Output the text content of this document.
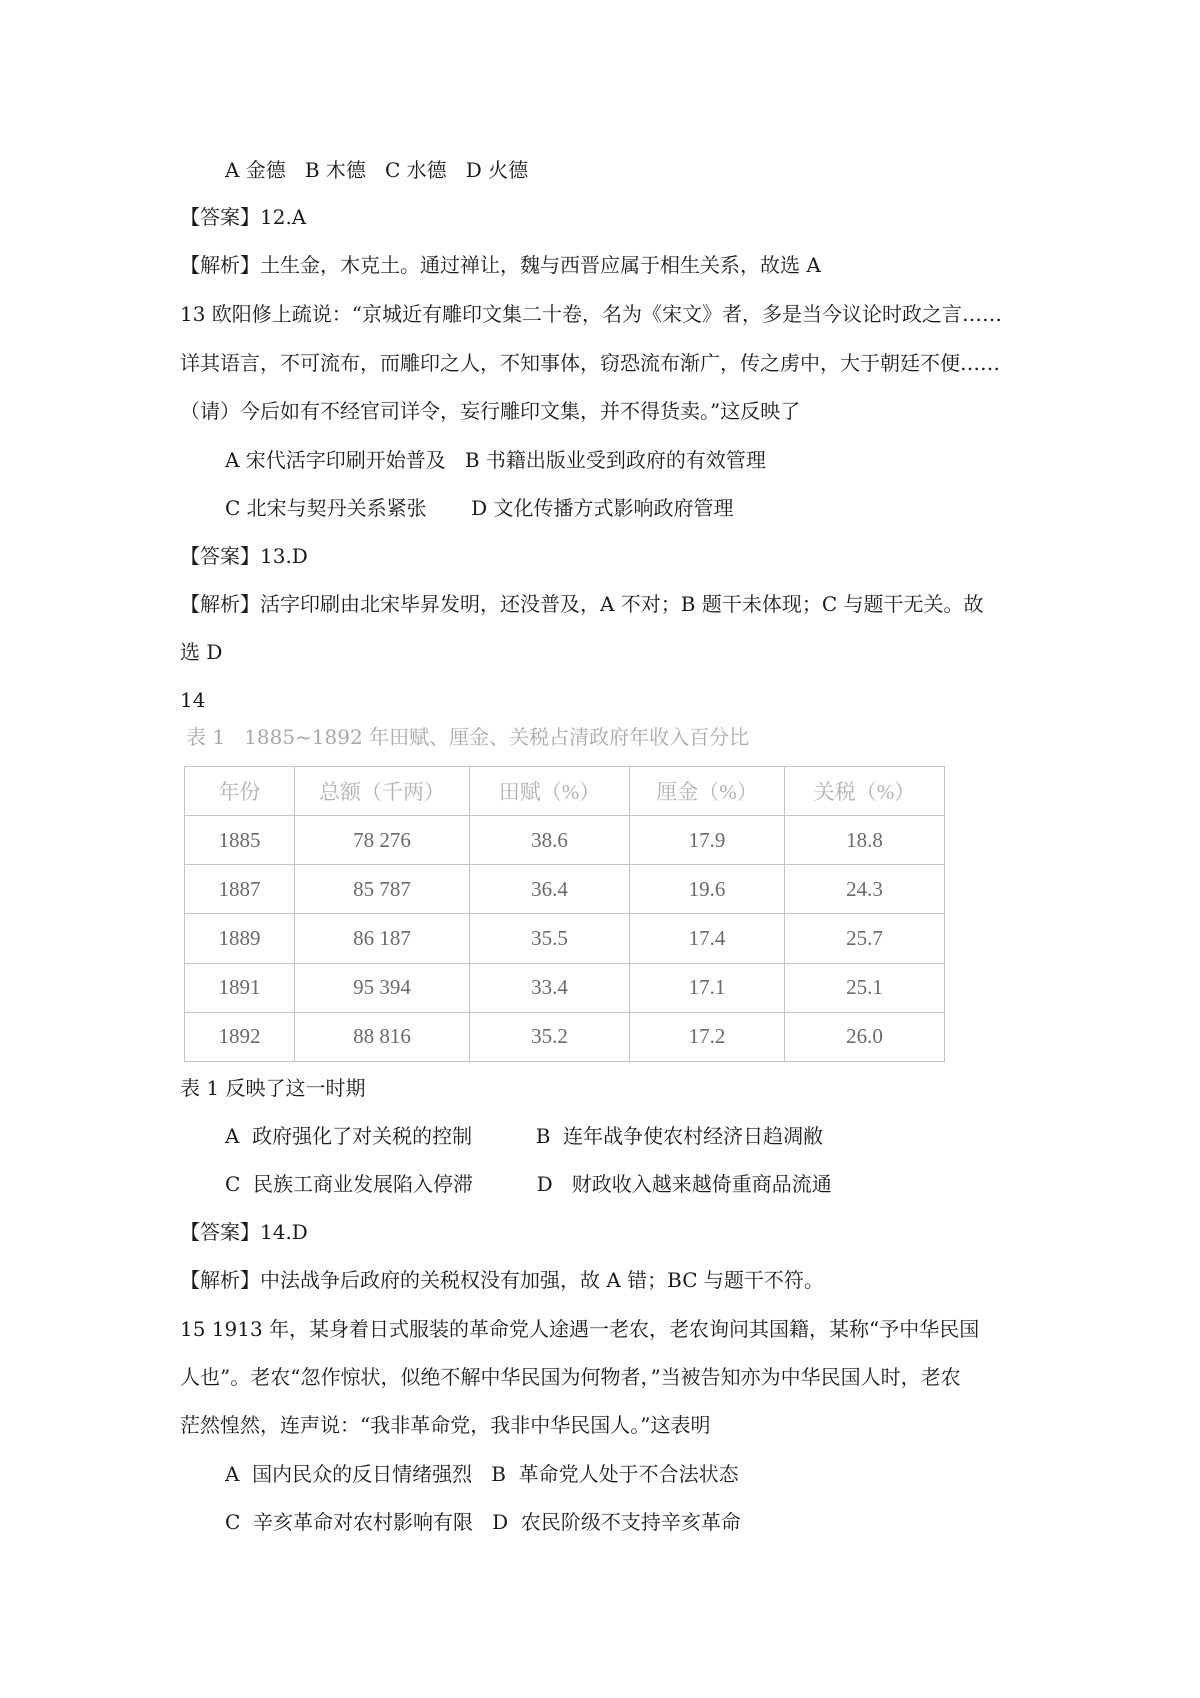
A 金德   B 木德   C 水德   D 火德
【答案】12.A
【解析】土生金，木克土。通过禅让，魏与西晋应属于相生关系，故选 A
13 欧阳修上疏说：“京城近有雕印文集二十卷，名为《宋文》者，多是当今议论时政之言……
详其语言，不可流布，而雕印之人，不知事体，窃恐流布渐广，传之虏中，大于朝廷不便……
（请）今后如有不经官司详令，妄行雕印文集，并不得货卖。”这反映了
A 宋代活字印刷开始普及   B 书籍出版业受到政府的有效管理
C 北宋与契丹关系紧张       D 文化传播方式影响政府管理
【答案】13.D
【解析】活字印刷由北宋毕昇发明，还没普及，A 不对；B 题干未体现；C 与题干无关。故
选 D
14
表 1   1885~1892 年田赋、厘金、关税占清政府年收入百分比
年份	总额（千两）	田赋（%）	厘金（%）	关税（%）
1885	78 276	38.6	17.9	18.8
1887	85 787	36.4	19.6	24.3
1889	86 187	35.5	17.4	25.7
1891	95 394	33.4	17.1	25.1
1892	88 816	35.2	17.2	26.0
表 1 反映了这一时期
A  政府强化了对关税的控制          B  连年战争使农村经济日趋凋敝
C  民族工商业发展陷入停滞          D   财政收入越来越倚重商品流通
【答案】14.D
【解析】中法战争后政府的关税权没有加强，故 A 错；BC 与题干不符。
15 1913 年，某身着日式服装的革命党人途遇一老农，老农询问其国籍，某称“予中华民国
人也”。老农“忽作惊状，似绝不解中华民国为何物者，”当被告知亦为中华民国人时，老农
茫然惶然，连声说：“我非革命党，我非中华民国人。”这表明
A  国内民众的反日情绪强烈   B  革命党人处于不合法状态
C  辛亥革命对农村影响有限   D  农民阶级不支持辛亥革命
